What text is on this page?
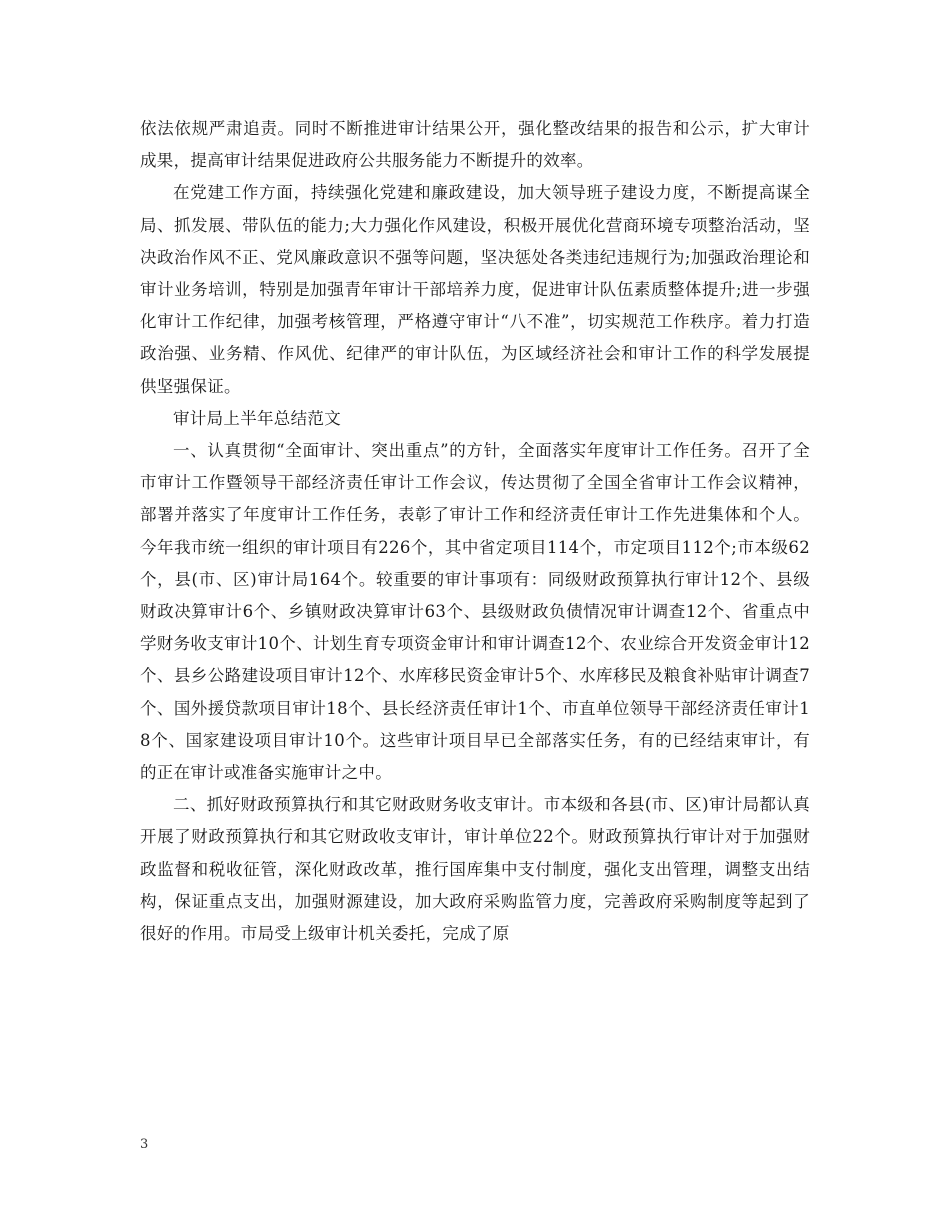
依法依规严肃追责。同时不断推进审计结果公开，强化整改结果的报告和公示，扩大审计成果，提高审计结果促进政府公共服务能力不断提升的效率。

在党建工作方面，持续强化党建和廉政建设，加大领导班子建设力度，不断提高谋全局、抓发展、带队伍的能力;大力强化作风建设，积极开展优化营商环境专项整治活动，坚决政治作风不正、党风廉政意识不强等问题，坚决惩处各类违纪违规行为;加强政治理论和审计业务培训，特别是加强青年审计干部培养力度，促进审计队伍素质整体提升;进一步强化审计工作纪律，加强考核管理，严格遵守审计“八不准”，切实规范工作秩序。着力打造政治强、业务精、作风优、纪律严的审计队伍，为区域经济社会和审计工作的科学发展提供坚强保证。

审计局上半年总结范文

一、认真贯彻“全面审计、突出重点”的方针，全面落实年度审计工作任务。召开了全市审计工作暨领导干部经济责任审计工作会议，传达贯彻了全国全省审计工作会议精神，部署并落实了年度审计工作任务，表彰了审计工作和经济责任审计工作先进集体和个人。今年我市统一组织的审计项目有226个，其中省定项目114个，市定项目112个;市本级62个，县(市、区)审计局164个。较重要的审计事项有：同级财政预算执行审计12个、县级财政决算审计6个、乡镇财政决算审计63个、县级财政负债情况审计调查12个、省重点中学财务收支审计10个、计划生育专项资金审计和审计调查12个、农业综合开发资金审计12个、县乡公路建设项目审计12个、水库移民资金审计5个、水库移民及粮食补贴审计调查7个、国外援贷款项目审计18个、县长经济责任审计1个、市直单位领导干部经济责任审计18个、国家建设项目审计10个。这些审计项目早已全部落实任务，有的已经结束审计，有的正在审计或准备实施审计之中。

二、抓好财政预算执行和其它财政财务收支审计。市本级和各县(市、区)审计局都认真开展了财政预算执行和其它财政收支审计，审计单位22个。财政预算执行审计对于加强财政监督和税收征管，深化财政改革，推行国库集中支付制度，强化支出管理，调整支出结构，保证重点支出，加强财源建设，加大政府采购监管力度，完善政府采购制度等起到了很好的作用。市局受上级审计机关委托，完成了原

3
